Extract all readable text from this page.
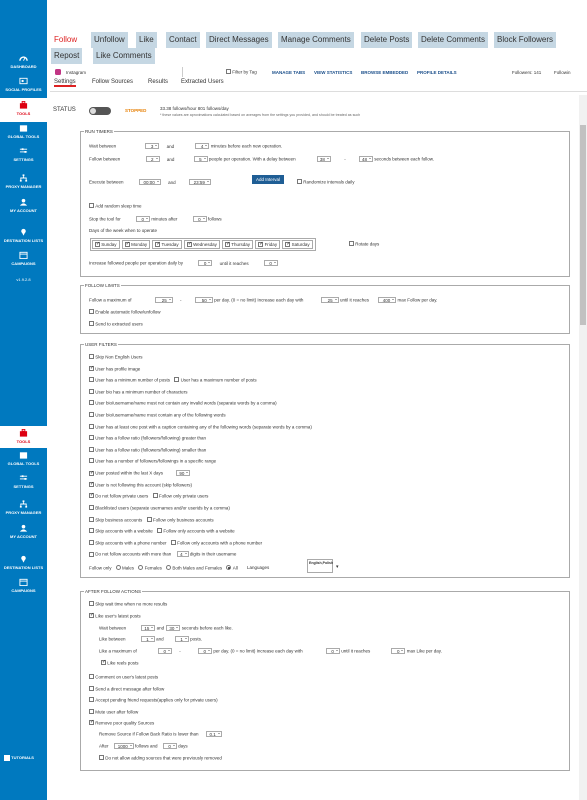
DASHBOARD
SOCIAL PROFILES
TOOLS
GLOBAL TOOLS
SETTINGS
PROXY MANAGER
MY ACCOUNT
DESTINATION LISTS
CAMPAIGNS
v1.9.2.8
TOOLS
GLOBAL TOOLS
SETTINGS
PROXY MANAGER
MY ACCOUNT
DESTINATION LISTS
CAMPAIGNS
TUTORIALS
Follow	Unfollow	Like	Contact	Direct Messages	Manage Comments	Delete Posts	Delete Comments	Block Followers
Repost	Like Comments
Instagram	Filter by Tag	MANAGE TABS VIEW STATISTICS BROWSE EMBEDDED PROFILE DETAILS	Followers: 141	Followin
Settings	Follow Sources Results Extracted Users
STATUS	STOPPED	33.38 follows/hour 801 follows/day
* these values are aproximations calculated based on averages from the settings you provided, and should be treated as such
RUN TIMERS
Wait between	3	and	4 minutes before each new operation.
Follow between	2	and	5 people per operation. With a delay between	38	-	48 seconds between each follow.
Execute between	00:00	and	23:59
Add Interval	Randomize intervals daily
Add random sleep time
Stop the tool for	0 minutes after	0 follows
Days of the week when to operate
✓ Sunday ✓	Monday ✓	Tuesday ✓	Wednesday ✓	Thursday ✓	Friday ✓	Saturday	Rotate days
Increase followed people per operation daily by	0	until it reaches	0
FOLLOW LIMITS
Follow a maximum of	25	-	50 per day. (0 = no limit) Increase each day with	25 until it reaches	400 max Follow per day.
Enable automatic follow/unfollow
Send to extracted users
USER FILTERS
Skip Non English Users
✓ User has profile image
User has a minimum number of posts User has a maximum number of posts
User bio has a minimum number of characters
User bio/username/name must not contain any invalid words (separate words by a comma)
User bio/username/name must contain any of the following words
User has at least one post with a caption containing any of the following words (separate words by a comma)
User has a follow ratio (followers/following) greater than
User has a follow ratio (followers/following) smaller than
User has a number of followers/followings in a specific range
✓ User posted within the last X days	90
✓ User is not following this account (skip followers)
✓ Do not follow private users Follow only private users
Blacklisted users (separate usernames and/or userids by a comma)
Skip business accounts Follow only business accounts
Skip accounts with a website Follow only accounts with a website
Skip accounts with a phone number Follow only accounts with a phone number
Do not follow accounts with more than 4 digits in their username
Follow only Males Females Both Males and Females All Languages
English,Polish
▾
AFTER FOLLOW ACTIONS
Skip wait time when no more results
✓ Like user's latest posts
Wait between	15 and 30 seconds before each like.
Like between	1 and	1 posts.
Like a maximum of	0	-	0 per day. (0 = no limit) Increase each day with	0 until it reaches	0 max Like per day.
✓ Like reels posts
Comment on user's latest posts
Send a direct message after follow
Accept pending friend requests(applies only for private users)
Mute user after follow
✓ Remove poor quality Sources
Remove Source if Follow Back Ratio is lower than 0.1
After 1000 follows and 0 days
Do not allow adding sources that were previously removed
